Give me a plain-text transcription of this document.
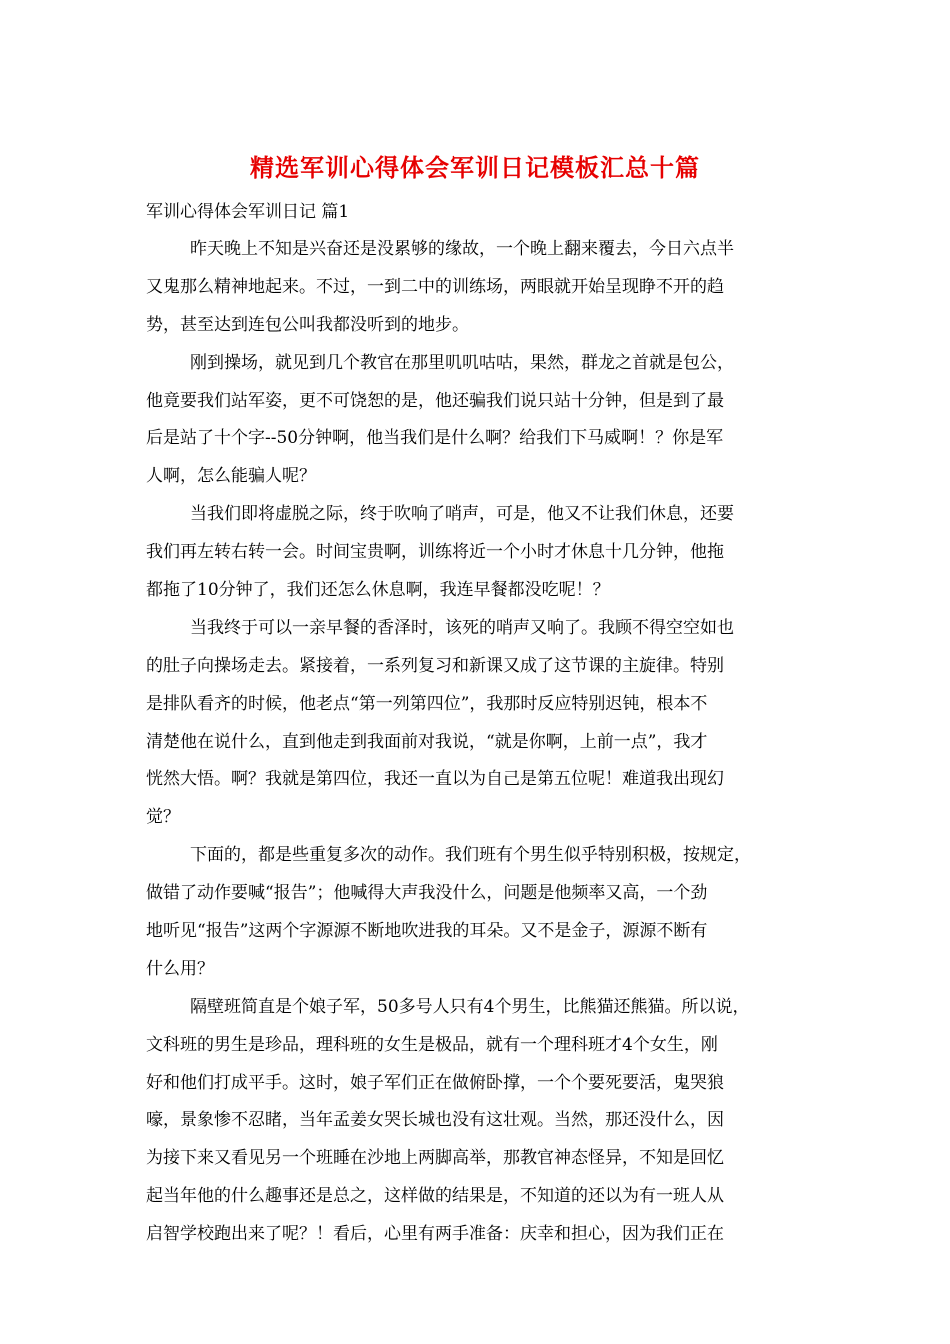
精选军训心得体会军训日记模板汇总十篇
军训心得体会军训日记 篇1
昨天晚上不知是兴奋还是没累够的缘故，一个晚上翻来覆去，今日六点半
又鬼那么精神地起来。不过，一到二中的训练场，两眼就开始呈现睁不开的趋
势，甚至达到连包公叫我都没听到的地步。
刚到操场，就见到几个教官在那里叽叽咕咕，果然，群龙之首就是包公，
他竟要我们站军姿，更不可饶恕的是，他还骗我们说只站十分钟，但是到了最
后是站了十个字--50分钟啊，他当我们是什么啊？给我们下马威啊！？你是军
人啊，怎么能骗人呢？
当我们即将虚脱之际，终于吹响了哨声，可是，他又不让我们休息，还要
我们再左转右转一会。时间宝贵啊，训练将近一个小时才休息十几分钟，他拖
都拖了10分钟了，我们还怎么休息啊，我连早餐都没吃呢！？
当我终于可以一亲早餐的香泽时，该死的哨声又响了。我顾不得空空如也
的肚子向操场走去。紧接着，一系列复习和新课又成了这节课的主旋律。特别
是排队看齐的时候，他老点“第一列第四位”，我那时反应特别迟钝，根本不
清楚他在说什么，直到他走到我面前对我说，“就是你啊，上前一点”，我才
恍然大悟。啊？我就是第四位，我还一直以为自己是第五位呢！难道我出现幻
觉？
下面的，都是些重复多次的动作。我们班有个男生似乎特别积极，按规定，
做错了动作要喊“报告”；他喊得大声我没什么，问题是他频率又高，一个劲
地听见“报告”这两个字源源不断地吹进我的耳朵。又不是金子，源源不断有
什么用？
隔壁班简直是个娘子军，50多号人只有4个男生，比熊猫还熊猫。所以说，
文科班的男生是珍品，理科班的女生是极品，就有一个理科班才4个女生，刚
好和他们打成平手。这时，娘子军们正在做俯卧撑，一个个要死要活，鬼哭狼
嚎，景象惨不忍睹，当年孟姜女哭长城也没有这壮观。当然，那还没什么，因
为接下来又看见另一个班睡在沙地上两脚高举，那教官神态怪异，不知是回忆
起当年他的什么趣事还是总之，这样做的结果是，不知道的还以为有一班人从
启智学校跑出来了呢？！看后，心里有两手准备：庆幸和担心，因为我们正在
